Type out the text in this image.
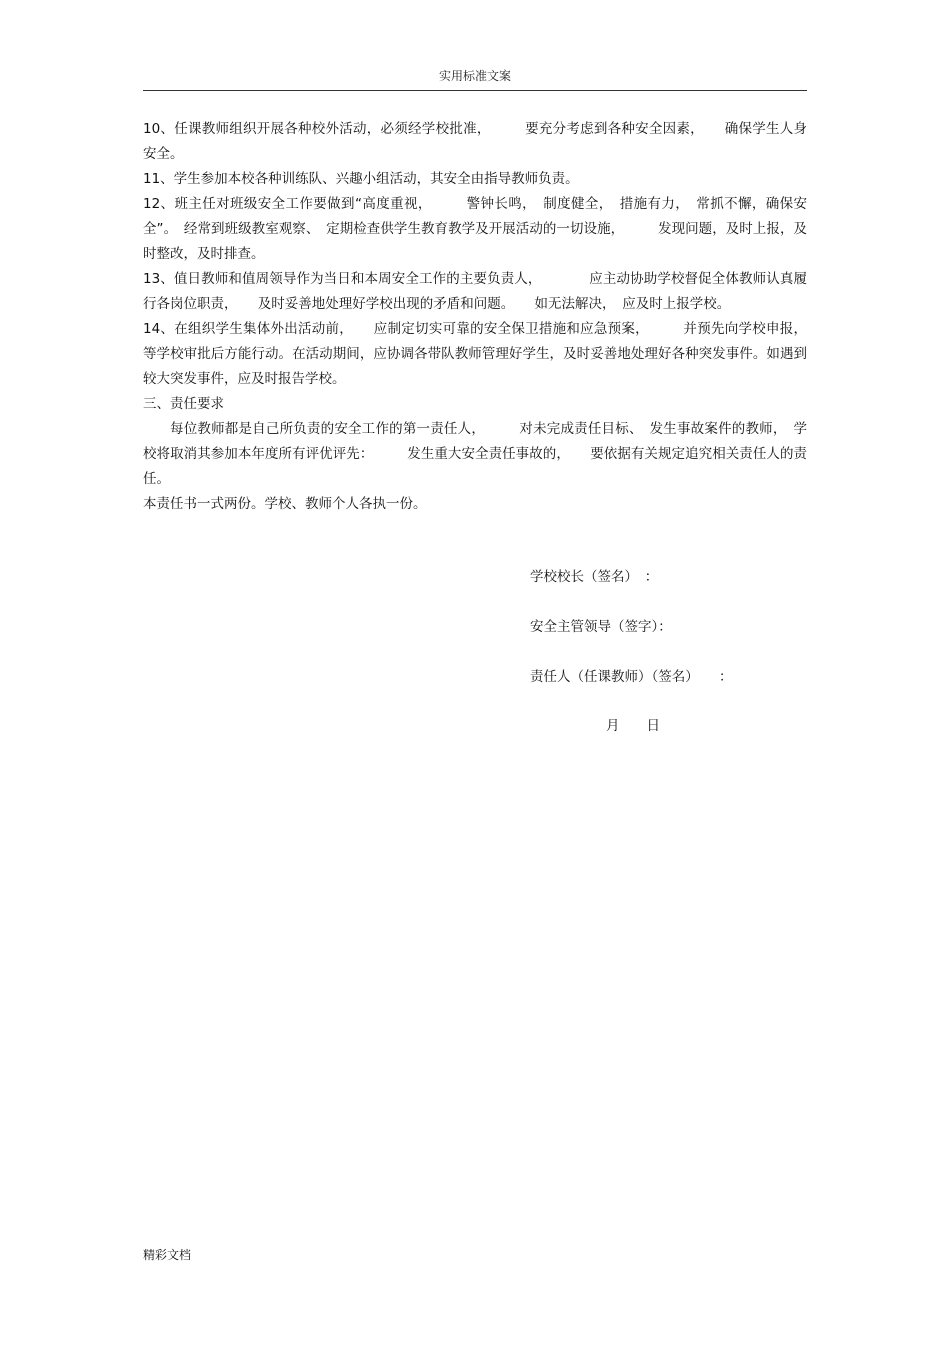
实用标准文案

10、任课教师组织开展各种校外活动，必须经学校批准，　　　要充分考虑到各种安全因素，　　确保学生人身安全。

11、学生参加本校各种训练队、兴趣小组活动，其安全由指导教师负责。

12、班主任对班级安全工作要做到“高度重视，　　　警钟长鸣，　制度健全，　措施有力，　常抓不懈，确保安全”。　经常到班级教室观察、　定期检查供学生教育教学及开展活动的一切设施，　　　发现问题，及时上报，及时整改，及时排查。

13、值日教师和值周领导作为当日和本周安全工作的主要负责人，　　　　应主动协助学校督促全体教师认真履行各岗位职责，　　及时妥善地处理好学校出现的矛盾和问题。　　如无法解决，　应及时上报学校。

14、在组织学生集体外出活动前，　　应制定切实可靠的安全保卫措施和应急预案，　　　并预先向学校申报，等学校审批后方能行动。在活动期间，应协调各带队教师管理好学生，及时妥善地处理好各种突发事件。如遇到较大突发事件，应及时报告学校。

三、责任要求

每位教师都是自己所负责的安全工作的第一责任人，　　　对未完成责任目标、　发生事故案件的教师，　学校将取消其参加本年度所有评优评先：　　　发生重大安全责任事故的，　　要依据有关规定追究相关责任人的责任。

本责任书一式两份。学校、教师个人各执一份。

学校校长（签名）　：
安全主管领导（签字）：
责任人（任课教师）（签名）　　：
月　　日
精彩文档
